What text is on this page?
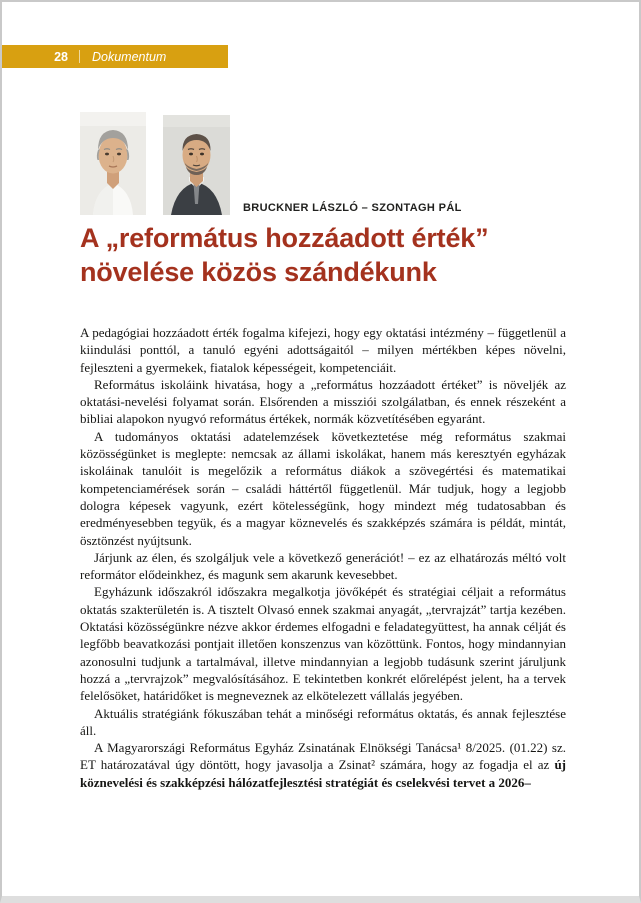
28 Dokumentum
BRUCKNER LÁSZLÓ – SZONTAGH PÁL
A „református hozzáadott érték”
növelése közös szándékunk

A pedagógiai hozzáadott érték fogalma kifejezi, hogy egy oktatási intézmény – függetlenül a kiindulási ponttól, a tanuló egyéni adottságaitól – milyen mértékben képes növelni, fejleszteni a gyermekek, fiatalok képességeit, kompetenciáit.

Református iskoláink hivatása, hogy a „református hozzáadott értéket” is növeljék az oktatási-nevelési folyamat során. Elsőrenden a missziói szolgálatban, és ennek részeként a bibliai alapokon nyugvó református értékek, normák közvetítésében egyaránt.

A tudományos oktatási adatelemzések következtetése még református szakmai közösségünket is meglepte: nemcsak az állami iskolákat, hanem más keresztyén egyházak iskoláinak tanulóit is megelőzik a református diákok a szövegértési és matematikai kompetenciamérések során – családi háttértől függetlenül. Már tudjuk, hogy a legjobb dologra képesek vagyunk, ezért kötelességünk, hogy mindezt még tudatosabban és eredményesebben tegyük, és a magyar köznevelés és szakképzés számára is példát, mintát, ösztönzést nyújtsunk.

Járjunk az élen, és szolgáljuk vele a következő generációt! – ez az elhatározás méltó volt reformátor elődeinkhez, és magunk sem akarunk kevesebbet.

Egyházunk időszakról időszakra megalkotja jövőképét és stratégiai céljait a református oktatás szakterületén is. A tisztelt Olvasó ennek szakmai anyagát, „tervrajzát” tartja kezében. Oktatási közösségünkre nézve akkor érdemes elfogadni e feladategyüttest, ha annak célját és legfőbb beavatkozási pontjait illetően konszenzus van közöttünk. Fontos, hogy mindannyian azonosulni tudjunk a tartalmával, illetve mindannyian a legjobb tudásunk szerint járuljunk hozzá a „tervrajzok” megvalósításához. E tekintetben konkrét előrelépést jelent, ha a tervek felelősöket, határidőket is megneveznek az elkötelezett vállalás jegyében.

Aktuális stratégiánk fókuszában tehát a minőségi református oktatás, és annak fejlesztése áll.

A Magyarországi Református Egyház Zsinatának Elnökségi Tanácsa¹ 8/2025. (01.22) sz. ET határozatával úgy döntött, hogy javasolja a Zsinat² számára, hogy az fogadja el az új köznevelési és szakképzési hálózatfejlesztési stratégiát és cselekvési tervet a 2026–
